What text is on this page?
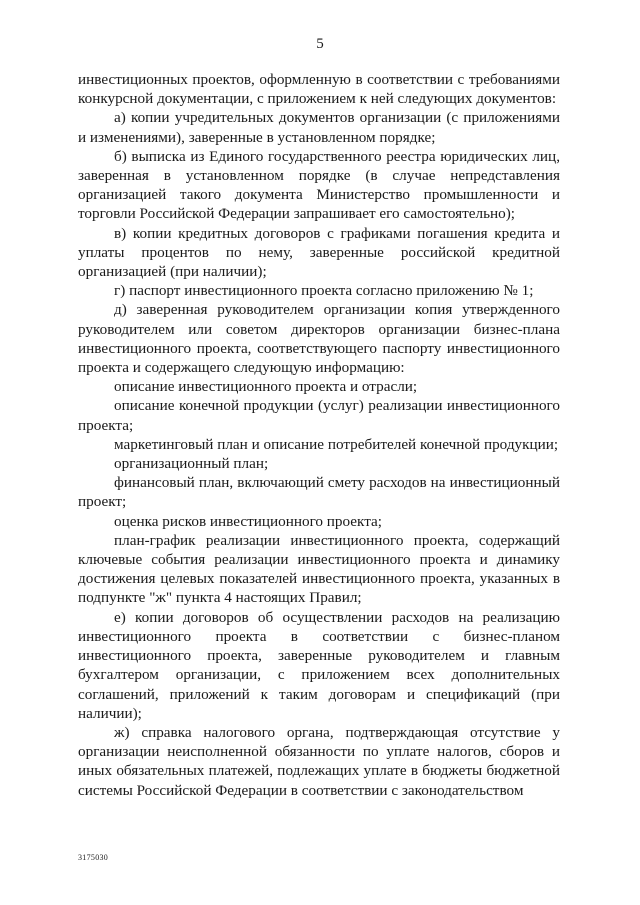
5

инвестиционных проектов, оформленную в соответствии с требованиями конкурсной документации, с приложением к ней следующих документов:

а) копии учредительных документов организации (с приложениями и изменениями), заверенные в установленном порядке;

б) выписка из Единого государственного реестра юридических лиц, заверенная в установленном порядке (в случае непредставления организацией такого документа Министерство промышленности и торговли Российской Федерации запрашивает его самостоятельно);

в) копии кредитных договоров с графиками погашения кредита и уплаты процентов по нему, заверенные российской кредитной организацией (при наличии);

г) паспорт инвестиционного проекта согласно приложению № 1;

д) заверенная руководителем организации копия утвержденного руководителем или советом директоров организации бизнес-плана инвестиционного проекта, соответствующего паспорту инвестиционного проекта и содержащего следующую информацию:

описание инвестиционного проекта и отрасли;

описание конечной продукции (услуг) реализации инвестиционного проекта;

маркетинговый план и описание потребителей конечной продукции;

организационный план;

финансовый план, включающий смету расходов на инвестиционный проект;

оценка рисков инвестиционного проекта;

план-график реализации инвестиционного проекта, содержащий ключевые события реализации инвестиционного проекта и динамику достижения целевых показателей инвестиционного проекта, указанных в подпункте "ж" пункта 4 настоящих Правил;

е) копии договоров об осуществлении расходов на реализацию инвестиционного проекта в соответствии с бизнес-планом инвестиционного проекта, заверенные руководителем и главным бухгалтером организации, с приложением всех дополнительных соглашений, приложений к таким договорам и спецификаций (при наличии);

ж) справка налогового органа, подтверждающая отсутствие у организации неисполненной обязанности по уплате налогов, сборов и иных обязательных платежей, подлежащих уплате в бюджеты бюджетной системы Российской Федерации в соответствии с законодательством

3175030
